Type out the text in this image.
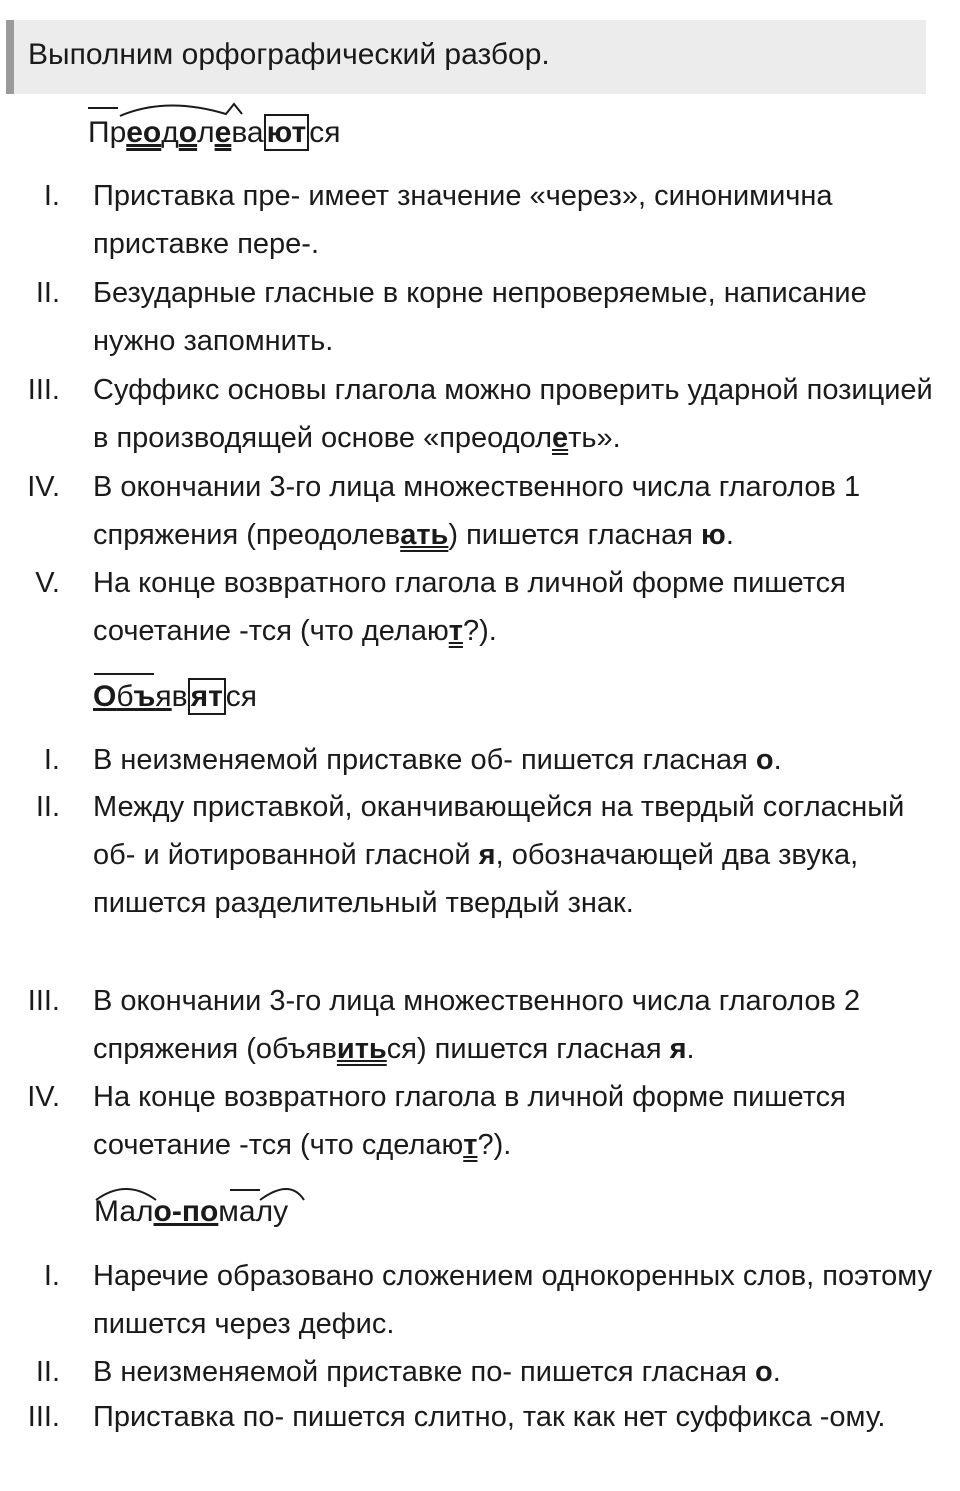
Выполним орфографический разбор.
Преодолева ют ся
I. Приставка пре- имеет значение «через», синонимична приставке пере-.
II. Безударные гласные в корне непроверяемые, написание нужно запомнить.
III. Суффикс основы глагола можно проверить ударной позицией в производящей основе «преодолеть».
IV. В окончании 3-го лица множественного числа глаголов 1 спряжения (преодолевать) пишется гласная ю.
V. На конце возвратного глагола в личной форме пишется сочетание -тся (что делают?).
Объяв ят ся
I. В неизменяемой приставке об- пишется гласная о.
II. Между приставкой, оканчивающейся на твердый согласный об- и йотированной гласной я, обозначающей два звука, пишется разделительный твердый знак.
III. В окончании 3-го лица множественного числа глаголов 2 спряжения (объявиться) пишется гласная я.
IV. На конце возвратного глагола в личной форме пишется сочетание -тся (что сделают?).
Мало-помалу
I. Наречие образовано сложением однокоренных слов, поэтому пишется через дефис.
II. В неизменяемой приставке по- пишется гласная о.
III. Приставка по- пишется слитно, так как нет суффикса -ому.
